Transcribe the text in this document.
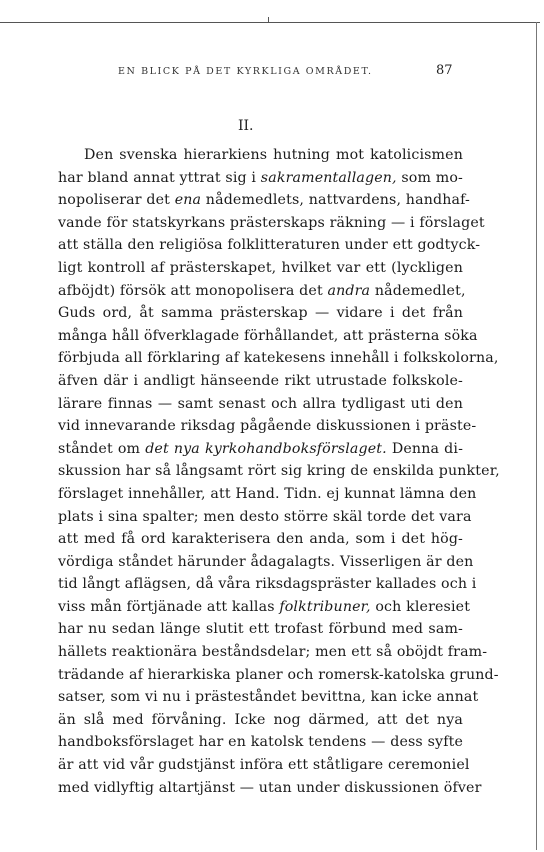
EN BLICK PÅ DET KYRKLIGA OMRÅDET.	87
II.

Den svenska hierarkiens hutning mot katolicismen
har bland annat yttrat sig i sakramentallagen, som mo-
nopoliserar det ena nådemedlets, nattvardens, handhaf-
vande för statskyrkans prästerskaps räkning — i förslaget
att ställa den religiösa folklitteraturen under ett godtyck-
ligt kontroll af prästerskapet, hvilket var ett (lyckligen
afböjdt) försök att monopolisera det andra nådemedlet,
Guds ord, åt samma prästerskap — vidare i det från
många håll öfverklagade förhållandet, att prästerna söka
förbjuda all förklaring af katekesens innehåll i folkskolorna,
äfven där i andligt hänseende rikt utrustade folkskole-
lärare finnas — samt senast och allra tydligast uti den
vid innevarande riksdag pågående diskussionen i präste-
ståndet om det nya kyrkohandboksförslaget. Denna di-
skussion har så långsamt rört sig kring de enskilda punkter,
förslaget innehåller, att Hand. Tidn. ej kunnat lämna den
plats i sina spalter; men desto större skäl torde det vara
att med få ord karakterisera den anda, som i det hög-
vördiga ståndet härunder ådagalagts. Visserligen är den
tid långt aflägsen, då våra riksdagspräster kallades och i
viss mån förtjänade att kallas folktribuner, och kleresiet
har nu sedan länge slutit ett trofast förbund med sam-
hällets reaktionära beståndsdelar; men ett så oböjdt fram-
trädande af hierarkiska planer och romersk-katolska grund-
satser, som vi nu i prästeståndet bevittna, kan icke annat
än slå med förvåning. Icke nog därmed, att det nya
handboksförslaget har en katolsk tendens — dess syfte
är att vid vår gudstjänst införa ett ståtligare ceremoniel
med vidlyftig altartjänst — utan under diskussionen öfver
